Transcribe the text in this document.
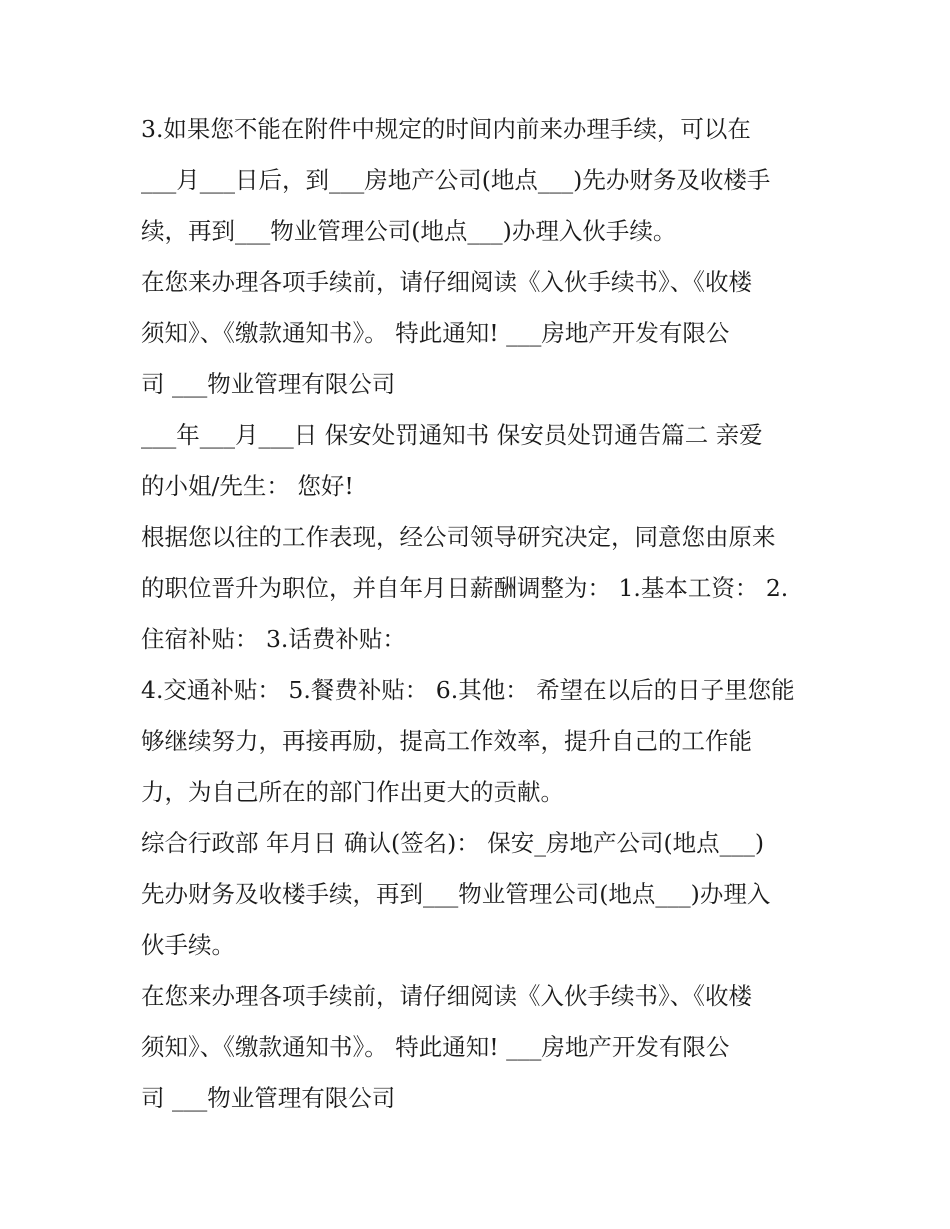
3.如果您不能在附件中规定的时间内前来办理手续，可以在
___月___日后，到___房地产公司(地点___)先办财务及收楼手
续，再到___物业管理公司(地点___)办理入伙手续。

在您来办理各项手续前，请仔细阅读《入伙手续书》、《收楼
须知》、《缴款通知书》。 特此通知! ___房地产开发有限公
司 ___物业管理有限公司

___年___月___日 保安处罚通知书 保安员处罚通告篇二 亲爱
的小姐/先生： 您好!

根据您以往的工作表现，经公司领导研究决定，同意您由原来
的职位晋升为职位，并自年月日薪酬调整为： 1.基本工资： 2.
住宿补贴： 3.话费补贴：

4.交通补贴： 5.餐费补贴： 6.其他： 希望在以后的日子里您能
够继续努力，再接再励，提高工作效率，提升自己的工作能
力，为自己所在的部门作出更大的贡献。

综合行政部 年月日 确认(签名)： 保安_房地产公司(地点___)
先办财务及收楼手续，再到___物业管理公司(地点___)办理入
伙手续。

在您来办理各项手续前，请仔细阅读《入伙手续书》、《收楼
须知》、《缴款通知书》。 特此通知! ___房地产开发有限公
司 ___物业管理有限公司
